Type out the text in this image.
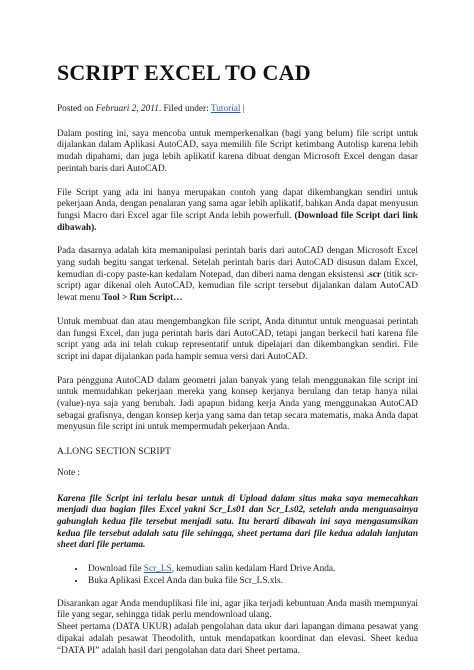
SCRIPT EXCEL TO CAD

Posted on Februari 2, 2011. Filed under: Tutorial |

Dalam posting ini, saya mencoba untuk memperkenalkan (bagi yang belum) file script untuk dijalankan dalam Aplikasi AutoCAD, saya memilih file Script ketimbang Autolisp karena lebih mudah dipahami, dan juga lebih aplikatif karena dibuat dengan Microsoft Excel dengan dasar perintah baris dari AutoCAD.

File Script yang ada ini hanya merupakan contoh yang dapat dikembangkan sendiri untuk pekerjaan Anda, dengan penalaran yang sama agar lebih aplikatif, bahkan Anda dapat menyusun fungsi Macro dari Excel agar file script Anda lebih powerfull. (Download file Script dari link dibawah).

Pada dasarnya adalah kita memanipulasi perintah baris dari autoCAD dengan Microsoft Excel yang sudah begitu sangat terkenal. Setelah perintah baris dari AutoCAD disusun dalam Excel, kemudian di-copy paste-kan kedalam Notepad, dan diberi nama dengan eksistensi .scr (titik scr-script) agar dikenal oleh AutoCAD, kemudian file script tersebut dijalankan dalam AutoCAD lewat menu Tool > Run Script…

Untuk membuat dan atau mengembangkan file script, Anda dituntut untuk menguasai perintah dan fungsi Excel, dan juga perintah baris dari AutoCAD, tetapi jangan berkecil hati karena file script yang ada ini telah cukup representatif untuk dipelajari dan dikembangkan sendiri. File script ini dapat dijalankan pada hampir semua versi dari AutoCAD.

Para pengguna AutoCAD dalam geometri jalan banyak yang telah menggunakan file script ini untuk memudahkan pekerjaan mereka yang konsep kerjanya berulang dan tetap hanya nilai (value)-nya saja yang berubah. Jadi apapun bidang kerja Anda yang menggunakan AutoCAD sebagai grafisnya, dengan konsep kerja yang sama dan tetap secara matematis, maka Anda dapat menyusun file script ini untuk mempermudah pekerjaan Anda.

A.LONG SECTION SCRIPT

Note :

Karena file Script ini terlalu besar untuk di Upload dalam situs maka saya memecahkan menjadi dua bagian files Excel yakni Scr_Ls01 dan Scr_Ls02, setelah anda menguasainya gabunglah kedua file tersebut menjadi satu. Itu berarti dibawah ini saya mengasumsikan kedua file tersebut adalah satu file sehingga, sheet pertama dari file kedua adalah lanjutan sheet dari file pertama.

• Download file Scr_LS, kemudian salin kedalam Hard Drive Anda.
• Buka Aplikasi Excel Anda dan buka file Scr_LS.xls.

Disarankan agar Anda menduplikasi file ini, agar jika terjadi kebuntuan Anda masih mempunyai file yang segar, sehingga tidak perlu mendownload ulang.

Sheet pertama (DATA UKUR) adalah pengolahan data ukur dari lapangan dimana pesawat yang dipakai adalah pesawat Theodolith, untuk mendapatkan koordinat dan elevasi. Sheet kedua “DATA PI” adalah hasil dari pengolahan data dari Sheet pertama.
